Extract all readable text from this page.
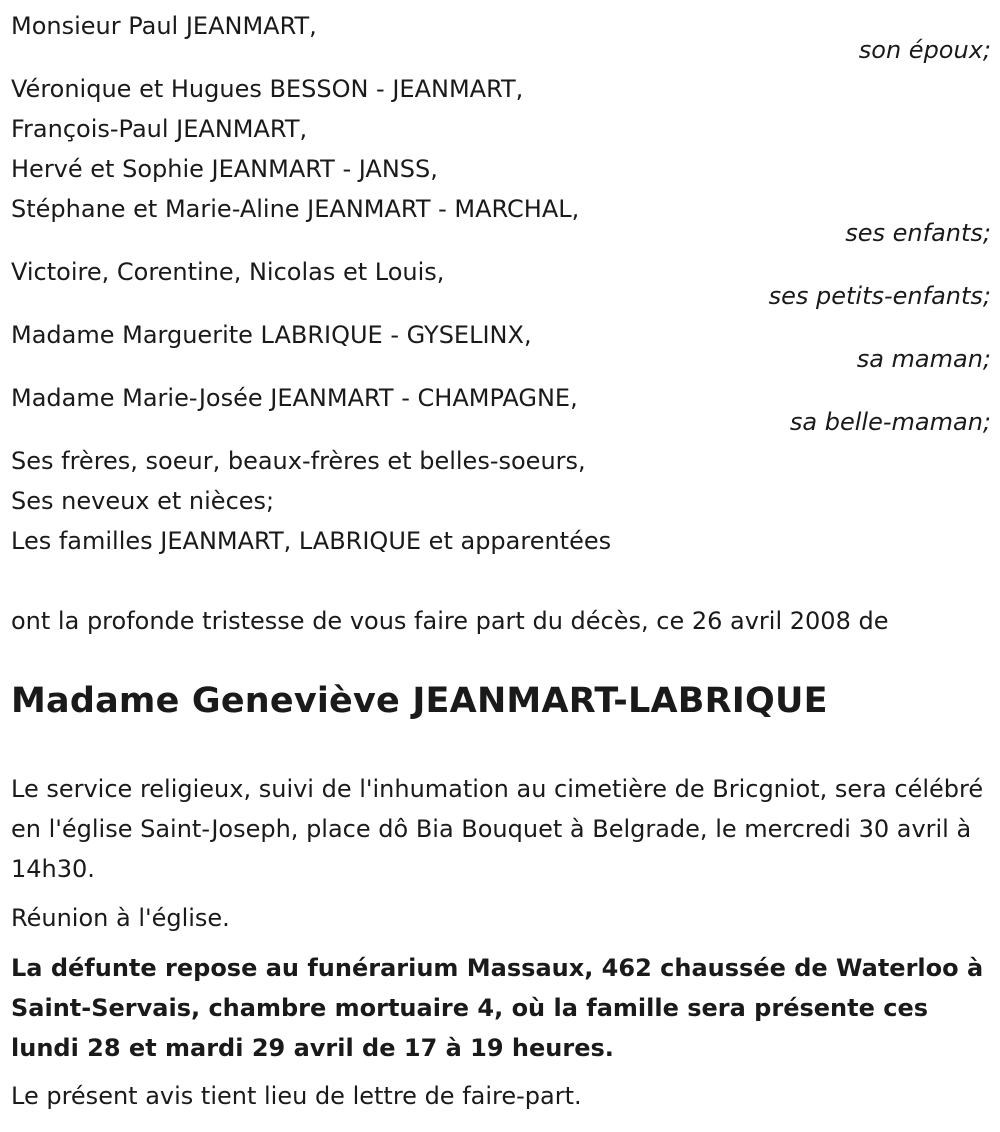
Monsieur Paul JEANMART,
son époux;
Véronique et Hugues BESSON - JEANMART,
François-Paul JEANMART,
Hervé et Sophie JEANMART - JANSS,
Stéphane et Marie-Aline JEANMART - MARCHAL,
ses enfants;
Victoire, Corentine, Nicolas et Louis,
ses petits-enfants;
Madame Marguerite LABRIQUE - GYSELINX,
sa maman;
Madame Marie-Josée JEANMART - CHAMPAGNE,
sa belle-maman;
Ses frères, soeur, beaux-frères et belles-soeurs,
Ses neveux et nièces;
Les familles JEANMART, LABRIQUE et apparentées
ont la profonde tristesse de vous faire part du décès, ce 26 avril 2008 de
Madame Geneviève JEANMART-LABRIQUE
Le service religieux, suivi de l'inhumation au cimetière de Bricgniot, sera célébré en l'église Saint-Joseph, place dô Bia Bouquet à Belgrade, le mercredi 30 avril à 14h30.
Réunion à l'église.
La défunte repose au funérarium Massaux, 462 chaussée de Waterloo à Saint-Servais, chambre mortuaire 4, où la famille sera présente ces lundi 28 et mardi 29 avril de 17 à 19 heures.
Le présent avis tient lieu de lettre de faire-part.
